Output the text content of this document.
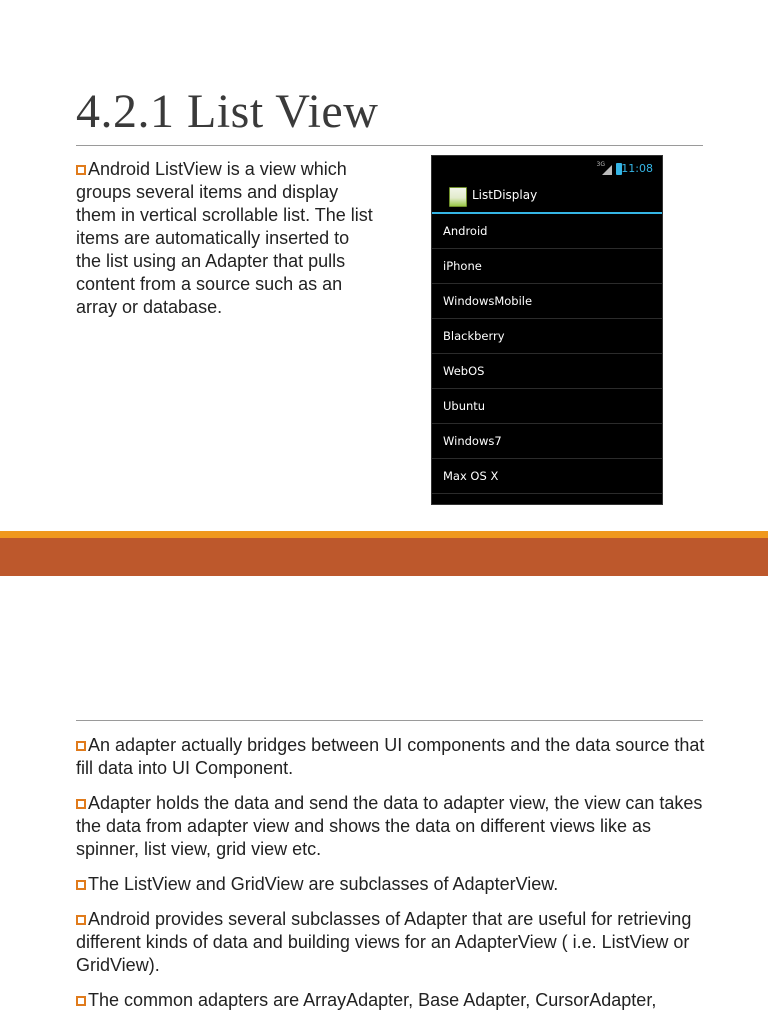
4.2.1 List View
Android ListView is a view which groups several items and display them in vertical scrollable list. The list items are automatically inserted to the list using an Adapter that pulls content from a source such as an array or database.
3G 11:08
ListDisplay
Android
iPhone
WindowsMobile
Blackberry
WebOS
Ubuntu
Windows7
Max OS X

An adapter actually bridges between UI components and the data source that fill data into UI Component.

Adapter holds the data and send the data to adapter view, the view can takes the data from adapter view and shows the data on different views like as spinner, list view, grid view etc.

The ListView and GridView are subclasses of AdapterView.

Android provides several subclasses of Adapter that are useful for retrieving different kinds of data and building views for an AdapterView ( i.e. ListView or GridView).

The common adapters are ArrayAdapter, Base Adapter, CursorAdapter,
